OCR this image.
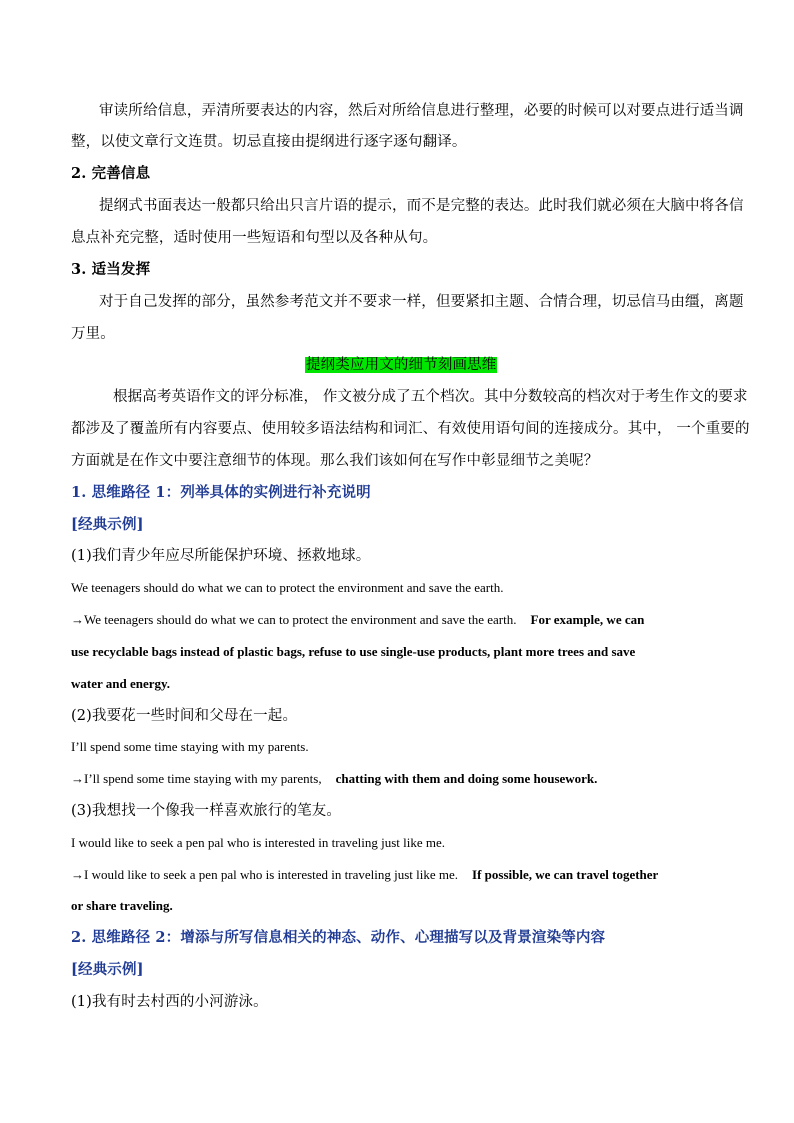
审读所给信息，弄清所要表达的内容，然后对所给信息进行整理，必要的时候可以对要点进行适当调
整，以使文章行文连贯。切忌直接由提纲进行逐字逐句翻译。
2. 完善信息
提纲式书面表达一般都只给出只言片语的提示，而不是完整的表达。此时我们就必须在大脑中将各信
息点补充完整，适时使用一些短语和句型以及各种从句。
3. 适当发挥
对于自己发挥的部分，虽然参考范文并不要求一样，但要紧扣主题、合情合理，切忌信马由缰，离题
万里。
提纲类应用文的细节刻画思维
根据高考英语作文的评分标准， 作文被分成了五个档次。其中分数较高的档次对于考生作文的要求
都涉及了覆盖所有内容要点、使用较多语法结构和词汇、有效使用语句间的连接成分。其中， 一个重要的
方面就是在作文中要注意细节的体现。那么我们该如何在写作中彰显细节之美呢？
1. 思维路径 1：列举具体的实例进行补充说明
[经典示例]
(1)我们青少年应尽所能保护环境、拯救地球。
We teenagers should do what we can to protect the environment and save the earth.
→We teenagers should do what we can to protect the environment and save the earth. For example, we can
use recyclable bags instead of plastic bags, refuse to use single-use products, plant more trees and save
water and energy.
(2)我要花一些时间和父母在一起。
I’ll spend some time staying with my parents.
→I’ll spend some time staying with my parents, chatting with them and doing some housework.
(3)我想找一个像我一样喜欢旅行的笔友。
I would like to seek a pen pal who is interested in traveling just like me.
→I would like to seek a pen pal who is interested in traveling just like me. If possible, we can travel together
or share traveling.
2. 思维路径 2：增添与所写信息相关的神态、动作、心理描写以及背景渲染等内容
[经典示例]
(1)我有时去村西的小河游泳。
